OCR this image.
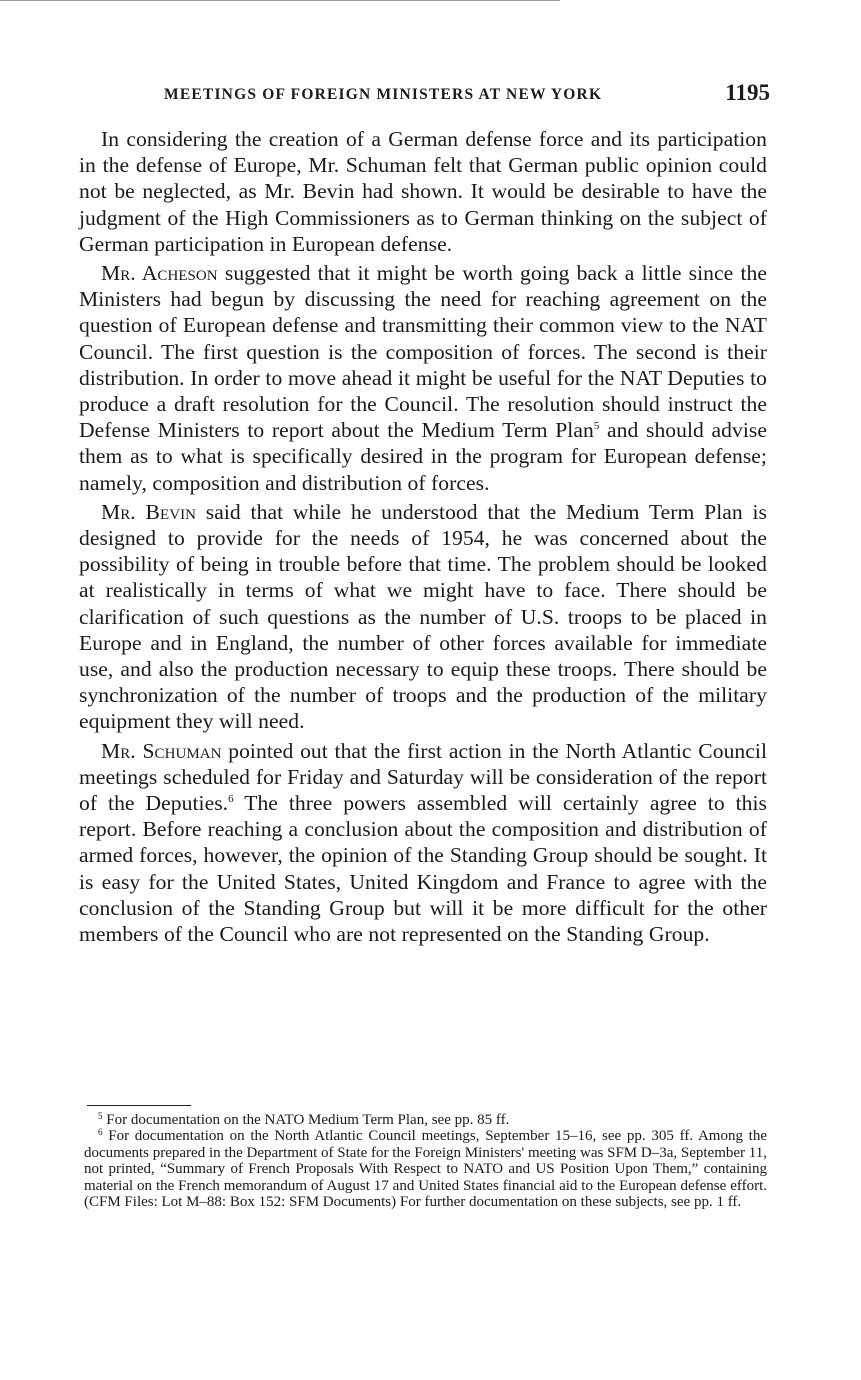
MEETINGS OF FOREIGN MINISTERS AT NEW YORK	1195

In considering the creation of a German defense force and its participation in the defense of Europe, Mr. Schuman felt that German public opinion could not be neglected, as Mr. Bevin had shown. It would be desirable to have the judgment of the High Commissioners as to German thinking on the subject of German participation in European defense.

Mr. Acheson suggested that it might be worth going back a little since the Ministers had begun by discussing the need for reaching agreement on the question of European defense and transmitting their common view to the NAT Council. The first question is the composition of forces. The second is their distribution. In order to move ahead it might be useful for the NAT Deputies to produce a draft resolution for the Council. The resolution should instruct the Defense Ministers to report about the Medium Term Plan$^5$ and should advise them as to what is specifically desired in the program for European defense; namely, composition and distribution of forces.

Mr. Bevin said that while he understood that the Medium Term Plan is designed to provide for the needs of 1954, he was concerned about the possibility of being in trouble before that time. The problem should be looked at realistically in terms of what we might have to face. There should be clarification of such questions as the number of U.S. troops to be placed in Europe and in England, the number of other forces available for immediate use, and also the production necessary to equip these troops. There should be synchronization of the number of troops and the production of the military equipment they will need.

Mr. Schuman pointed out that the first action in the North Atlantic Council meetings scheduled for Friday and Saturday will be consideration of the report of the Deputies.$^6$ The three powers assembled will certainly agree to this report. Before reaching a conclusion about the composition and distribution of armed forces, however, the opinion of the Standing Group should be sought. It is easy for the United States, United Kingdom and France to agree with the conclusion of the Standing Group but will it be more difficult for the other members of the Council who are not represented on the Standing Group.

$^5$ For documentation on the NATO Medium Term Plan, see pp. 85 ff.

$^6$ For documentation on the North Atlantic Council meetings, September 15–16, see pp. 305 ff. Among the documents prepared in the Department of State for the Foreign Ministers' meeting was SFM D–3a, September 11, not printed, “Summary of French Proposals With Respect to NATO and US Position Upon Them,” containing material on the French memorandum of August 17 and United States financial aid to the European defense effort. (CFM Files: Lot M–88: Box 152: SFM Documents) For further documentation on these subjects, see pp. 1 ff.
